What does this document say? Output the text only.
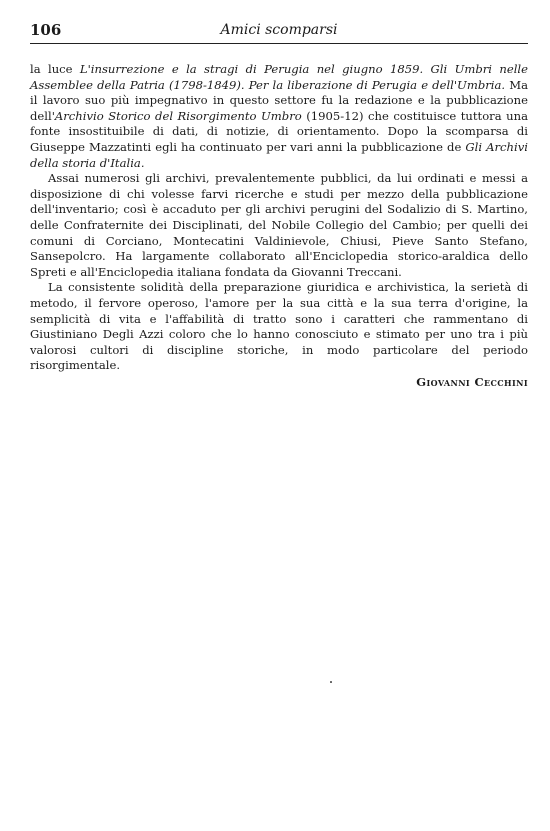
106	Amici scomparsi

la luce L'insurrezione e la stragi di Perugia nel giugno 1859. Gli Umbri nelle Assemblee della Patria (1798-1849). Per la liberazione di Perugia e dell'Umbria. Ma il lavoro suo più impegnativo in questo settore fu la redazione e la pubblicazione dell'Archivio Storico del Risorgimento Umbro (1905-12) che costituisce tuttora una fonte insostituibile di dati, di notizie, di orientamento. Dopo la scomparsa di Giuseppe Mazzatinti egli ha continuato per vari anni la pubblicazione de Gli Archivi della storia d'Italia.

Assai numerosi gli archivi, prevalentemente pubblici, da lui ordinati e messi a disposizione di chi volesse farvi ricerche e studi per mezzo della pubblicazione dell'inventario; così è accaduto per gli archivi perugini del Sodalizio di S. Martino, delle Confraternite dei Disciplinati, del Nobile Collegio del Cambio; per quelli dei comuni di Corciano, Montecatini Valdinievole, Chiusi, Pieve Santo Stefano, Sansepolcro. Ha largamente collaborato all'Enciclopedia storico-araldica dello Spreti e all'Enciclopedia italiana fondata da Giovanni Treccani.

La consistente solidità della preparazione giuridica e archivistica, la serietà di metodo, il fervore operoso, l'amore per la sua città e la sua terra d'origine, la semplicità di vita e l'affabilità di tratto sono i caratteri che rammentano di Giustiniano Degli Azzi coloro che lo hanno conosciuto e stimato per uno tra i più valorosi cultori di discipline storiche, in modo particolare del periodo risorgimentale.

Giovanni Cecchini
